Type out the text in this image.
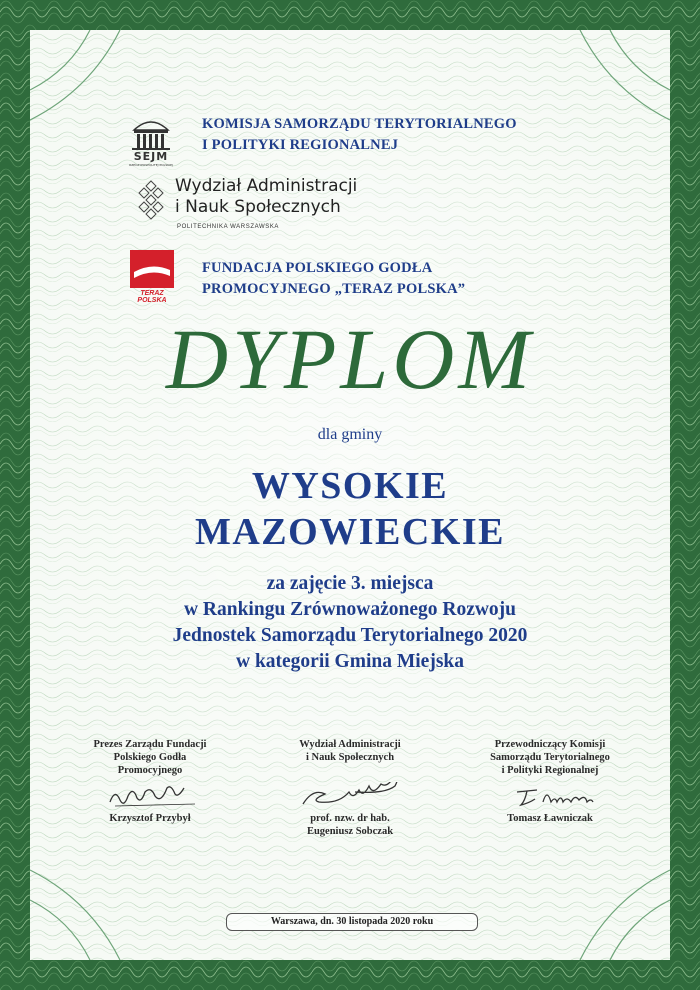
SEJM
RZECZYPOSPOLITEJ POLSKIEJ
KOMISJA SAMORZĄDU TERYTORIALNEGO
I POLITYKI REGIONALNEJ
Wydział Administracji
i Nauk Społecznych
POLITECHNIKA WARSZAWSKA
TERAZ POLSKA
FUNDACJA POLSKIEGO GODŁA
PROMOCYJNEGO „TERAZ POLSKA”
DYPLOM
dla gminy
WYSOKIE
MAZOWIECKIE
za zajęcie 3. miejsca
w Rankingu Zrównoważonego Rozwoju
Jednostek Samorządu Terytorialnego 2020
w kategorii Gmina Miejska
Prezes Zarządu Fundacji
Polskiego Godła
Promocyjnego
Krzysztof Przybył
Wydział Administracji
i Nauk Społecznych
prof. nzw. dr hab.
Eugeniusz Sobczak
Przewodniczący Komisji
Samorządu Terytorialnego
i Polityki Regionalnej
Tomasz Ławniczak
Warszawa, dn. 30 listopada 2020 roku
